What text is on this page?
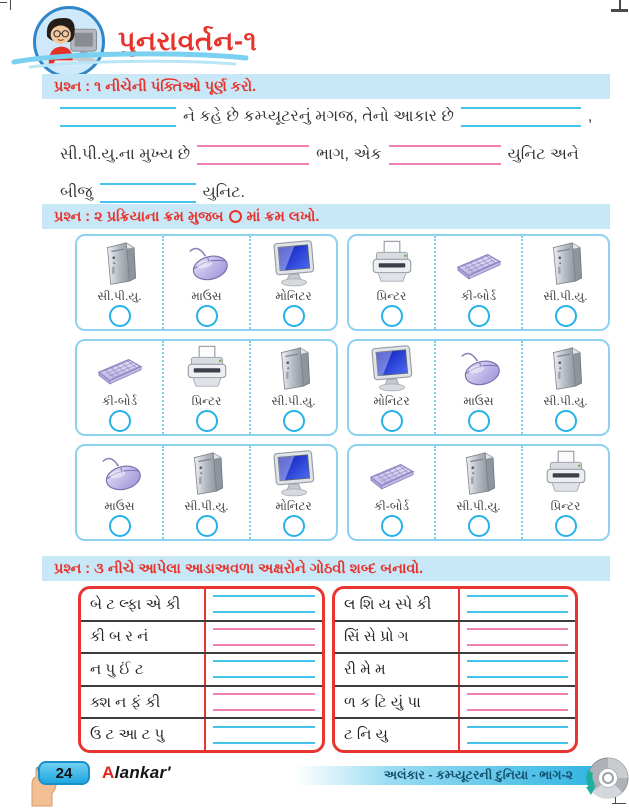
પુનરાવર્તન-૧
પ્રશ્ન : ૧ નીચેની પંક્તિઓ પૂર્ણ કરો.
ને કહે છે કમ્પ્યૂટરનું મગજ, તેનો આકાર છે	,
સી.પી.યુ.ના મુખ્ય છે	ભાગ, એક	યુનિટ અને
બીજુ	યુનિટ.
પ્રશ્ન : ૨ પ્રક્રિયાના ક્રમ મુજબ માં ક્રમ લખો.
સી.પી.યુ.	માઉસ	મોનિટર	પ્રિન્ટર	કી-બોર્ડ	સી.પી.યુ.
કી-બોર્ડ	પ્રિન્ટર	સી.પી.યુ.	મોનિટર	માઉસ	સી.પી.યુ.
માઉસ	સી.પી.યુ.	મોનિટર	કી-બોર્ડ	સી.પી.યુ.	પ્રિન્ટર
પ્રશ્ન : ૩ નીચે આપેલા આડાઅવળા અક્ષરોને ગોઠવી શબ્દ બનાવો.
બે ટ લ્ફા એ કી
કી બ ર નં
ન પુ ઈં ટ
ક્શ ન ફં કી
ઉ ટ આ ટ પુ
લ શિ ય સ્પે કી
સિં સે પ્રો ગ
રી મે મ
ળ ક ટિ યું પા
ટ નિ યુ
24 Alankar'	અલંકાર - કમ્પ્યૂટરની દુનિયા - ભાગ-૨
